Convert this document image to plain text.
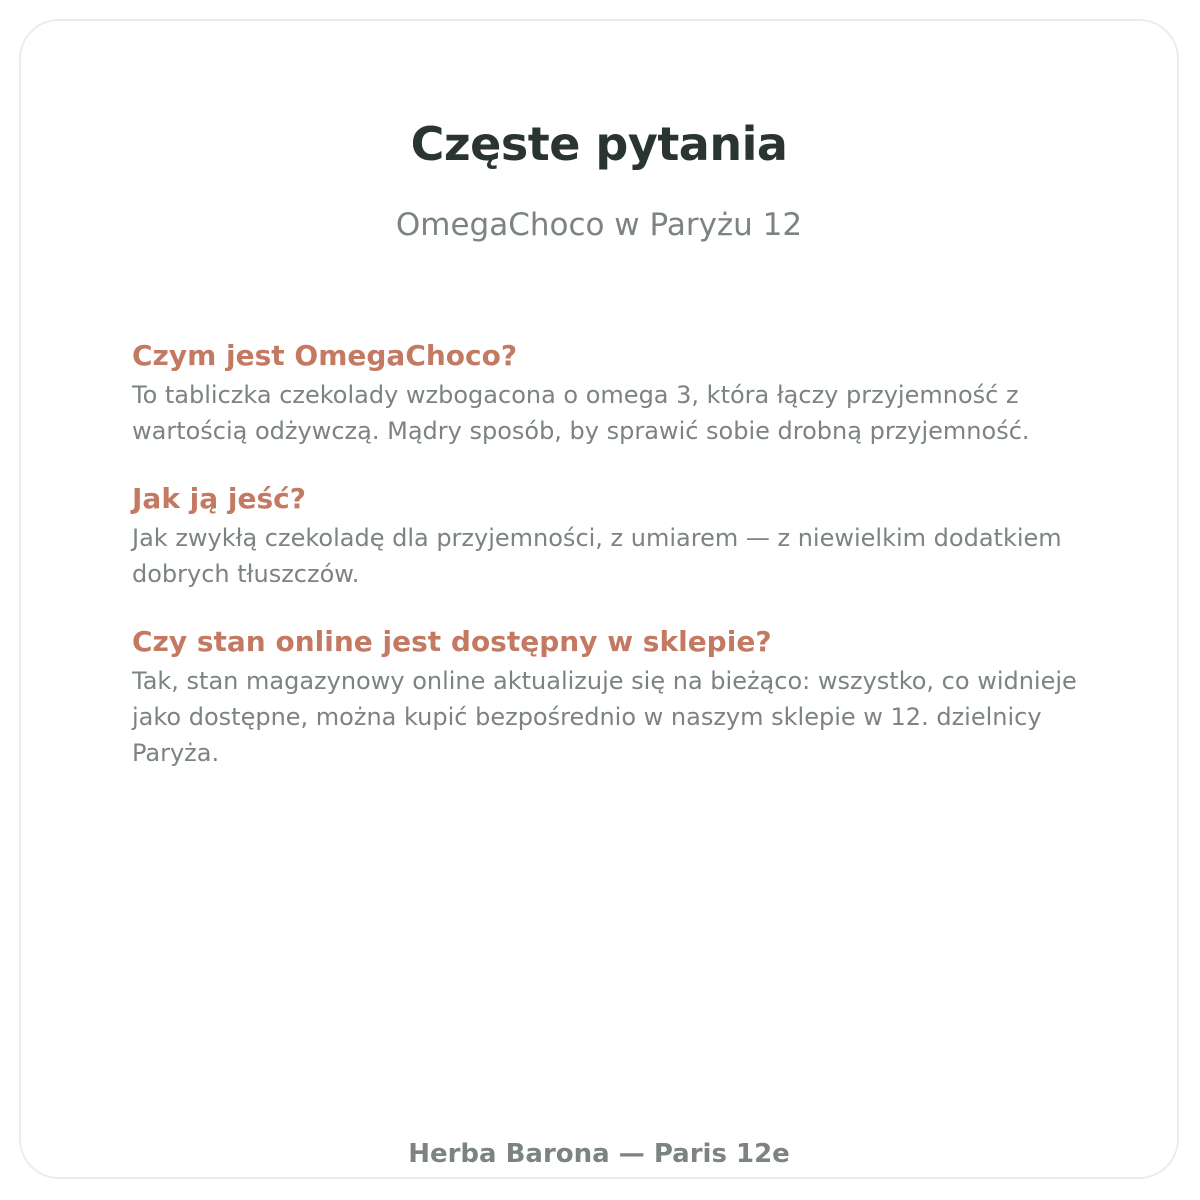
Częste pytania
OmegaChoco w Paryżu 12

Czym jest OmegaChoco?

To tabliczka czekolady wzbogacona o omega 3, która łączy przyjemność z wartością odżywczą. Mądry sposób, by sprawić sobie drobną przyjemność.

Jak ją jeść?

Jak zwykłą czekoladę dla przyjemności, z umiarem — z niewielkim dodatkiem dobrych tłuszczów.

Czy stan online jest dostępny w sklepie?

Tak, stan magazynowy online aktualizuje się na bieżąco: wszystko, co widnieje jako dostępne, można kupić bezpośrednio w naszym sklepie w 12. dzielnicy Paryża.

Herba Barona — Paris 12e
